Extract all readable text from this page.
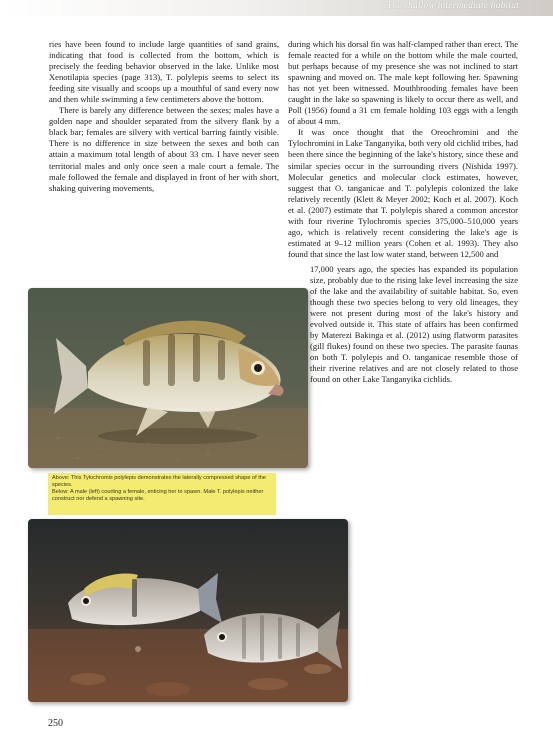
The shallow intermediate habitat

ries have been found to include large quantities of sand grains, indicating that food is collected from the bottom, which is precisely the feeding behavior observed in the lake. Unlike most Xenotilapia species (page 313), T. polylepis seems to select its feeding site visually and scoops up a mouthful of sand every now and then while swimming a few centimeters above the bottom.

There is barely any difference between the sexes; males have a golden nape and shoulder separated from the silvery flank by a black bar; females are silvery with vertical barring faintly visible. There is no difference in size between the sexes and both can attain a maximum total length of about 33 cm. I have never seen territorial males and only once seen a male court a female. The male followed the female and displayed in front of her with short, shaking quivering movements,

during which his dorsal fin was half-clamped rather than erect. The female reacted for a while on the bottom while the male courted, but perhaps because of my presence she was not inclined to start spawning and moved on. The male kept following her. Spawning has not yet been witnessed. Mouthbrooding females have been caught in the lake so spawning is likely to occur there as well, and Poll (1956) found a 31 cm female holding 103 eggs with a length of about 4 mm.

It was once thought that the Oreochromini and the Tylochromini in Lake Tanganyika, both very old cichlid tribes, had been there since the beginning of the lake's history, since these and similar species occur in the surrounding rivers (Nishida 1997). Molecular genetics and molecular clock estimates, however, suggest that O. tanganicae and T. polylepis colonized the lake relatively recently (Klett & Meyer 2002; Koch et al. 2007). Koch et al. (2007) estimate that T. polylepis shared a common ancestor with four riverine Tylochromis species 375,000–510,000 years ago, which is relatively recent considering the lake's age is estimated at 9–12 million years (Cohen et al. 1993). They also found that since the last low water stand, between 12,500 and

17,000 years ago, the species has expanded its population size, probably due to the rising lake level increasing the size of the lake and the availability of suitable habitat. So, even though these two species belong to very old lineages, they were not present during most of the lake's history and evolved outside it. This state of affairs has been confirmed by Materezi Bakinga et al. (2012) using flatworm parasites (gill flukes) found on these two species. The parasite faunas on both T. polylepis and O. tanganicae resemble those of their riverine relatives and are not closely related to those found on other Lake Tanganyika cichlids.

Above: This Tylochromis polylepis demonstrates the laterally compressed shape of the species.

Below: A male (left) courting a female, enticing her to spawn. Male T. polylepis neither construct nor defend a spawning site.

250
